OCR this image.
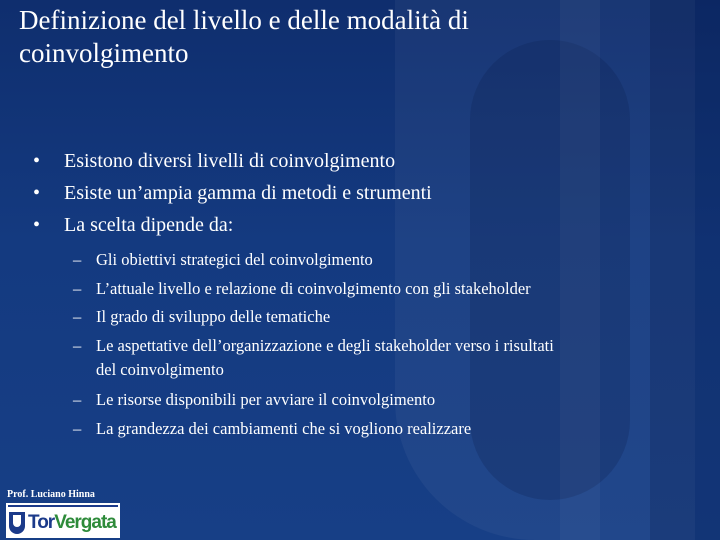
Definizione del livello e delle modalità di
coinvolgimento
• Esistono diversi livelli di coinvolgimento
• Esiste un’ampia gamma di metodi e strumenti
• La scelta dipende da:
– Gli obiettivi strategici del coinvolgimento
– L’attuale livello e relazione di coinvolgimento con gli stakeholder
– Il grado di sviluppo delle tematiche
– Le aspettative dell’organizzazione e degli stakeholder verso i risultati
del coinvolgimento
– Le risorse disponibili per avviare il coinvolgimento
– La grandezza dei cambiamenti che si vogliono realizzare
Prof. Luciano Hinna
TorVergata
